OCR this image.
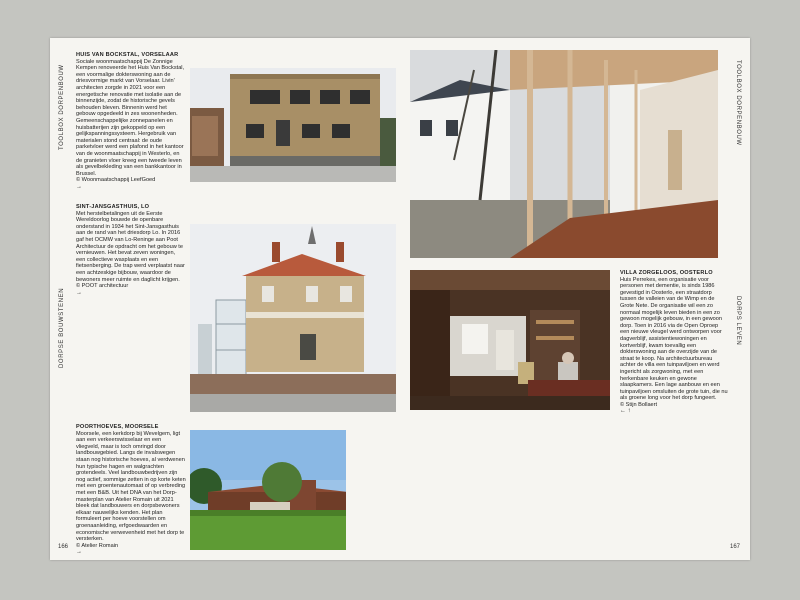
TOOLBOX DORPENBOUW
DORPSE BOUWSTENEN
166
TOOLBOX DORPENBOUW
DORPS LEVEN
167
HUIS VAN BOCKSTAL, VORSELAAR
Sociale woonmaatschappij De Zonnige Kempen renoveerde het Huis Van Bockstal, een voormalige dokterswoning aan de driesvormige markt van Vorselaar. Livin' architecten zorgde in 2021 voor een energetische renovatie met isolatie aan de binnenzijde, zodat de historische gevels behouden bleven. Binnenin werd het gebouw opgedeeld in zes woonenheden. Gemeenschappelijke zonnepanelen en huisbatterijen zijn gekoppeld op een gelijkspanningssysteem. Hergebruik van materialen stond centraal: de oude parketvloer werd een plafond in het kantoor van de woonmaatschappij in Westerlo, en de granieten vloer kreeg een tweede leven als gevelbekleding van een bankkantoor in Brussel.
© Woonmaatschappij LeefGoed
→
SINT-JANSGASTHUIS, LO
Met herstelbetalingen uit de Eerste Wereldoorlog bouwde de openbare onderstand in 1934 het Sint-Jansgasthuis aan de rand van het driesdorp Lo. In 2016 gaf het OCMW van Lo-Reninge aan Poot Architectuur de opdracht om het gebouw te vernieuwen. Het bevat zeven woningen, een collectieve wasplaats en een fietsenberging. De trap werd verplaatst naar een achtzeskige bijbouw, waardoor de bewoners meer ruimte en daglicht krijgen.
© POOT architectuur
→
POORTHOEVES, MOORSELE
Moorsele, een kerkdorp bij Wevelgem, ligt aan een verkeerswisselaar en een vliegveld, maar is toch omringd door landbouwgebied. Langs de invalswegen staan nog historische hoeves, al verdwenen hun typische hagen en walgrachten grotendeels. Veel landbouwbedrijven zijn nog actief, sommige zetten in op korte keten met een groentenautomaat of op verbreding met een B&B. Uit het DNA van het Dorp-masterplan van Atelier Romain uit 2021 bleek dat landbouwers en dorpsbewoners elkaar nauwelijks kenden. Het plan formuleert per hoeve voorstellen om groenaanleiding, erfgoedwaarden en economische verwevenheid met het dorp te versterken.
© Atelier Romain
→
VILLA ZORGELOOS, OOSTERLO
Huis Perrekes, een organisatie voor personen met dementie, is sinds 1986 gevestigd in Oosterlo, een straatdorp tussen de valleien van de Wimp en de Grote Nete. De organisatie wil een zo normaal mogelijk leven bieden in een zo gewoon mogelijk gebouw, in een gewoon dorp. Toen in 2016 via de Open Oproep een nieuwe vleugel werd ontworpen voor dagverblijf, assistentiewoningen en kortverblijf, kwam toevallig een dokterswoning aan de overzijde van de straat te koop. Na architectuurbureau achter de villa een tuinpaviljoen en werd ingericht als zorgwoning, met een herkenbare keuken en gewone slaapkamers. Een lage aanbouw en een tuinpaviljoen omsluiten de grote tuin, die nu als groene long voor het dorp fungeert.
© Stijn Bollaert
← ↑
